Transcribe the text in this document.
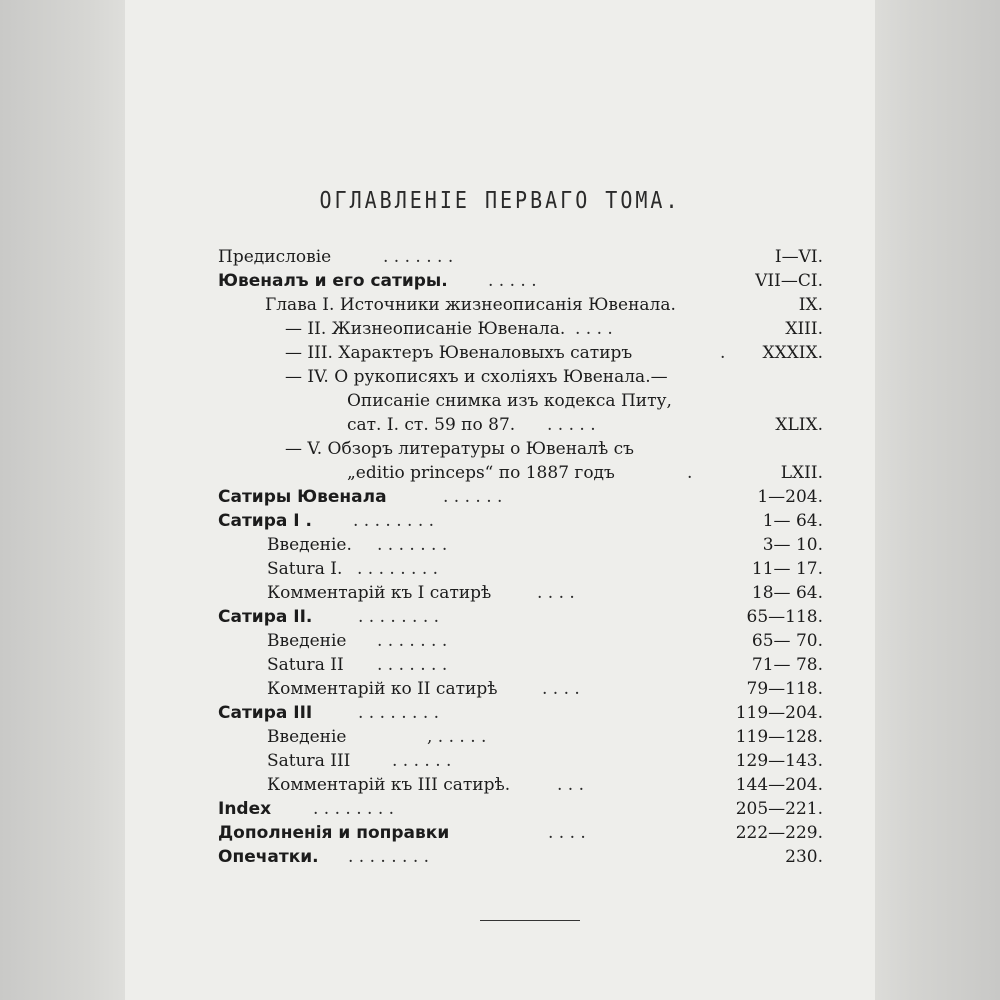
ОГЛАВЛЕНІЕ ПЕРВАГО ТОМА.
Предисловіе	. . . . . . .	I—VI.
Ювеналъ и его сатиры. . . . . .	VII—CI.
Глава I. Источники жизнеописанія Ювенала.	IX.
— II. Жизнеописаніе Ювенала. . . . .	XIII.
— III. Характеръ Ювеналовыхъ сатиръ	.	XXXIX.
— IV. О рукописяхъ и схоліяхъ Ювенала.—
Описаніе снимка изъ кодекса Питу,
сат. I. ст. 59 по 87. . . . . .	XLIX.
— V. Обзоръ литературы о Ювеналѣ съ
„editio princeps“ по 1887 годъ	.	LXII.
Сатиры Ювенала	. . . . . .	1—204.
Сатира I . . . . . . . . .	1— 64.
Введеніе. . . . . . . .	3— 10.
Satura I. . . . . . . . .	11— 17.
Комментарій къ I сатирѣ	. . . .	18— 64.
Сатира II.	. . . . . . . .	65—118.
Введеніе . . . . . . .	65— 70.
Satura II . . . . . . .	71— 78.
Комментарій ко II сатирѣ	. . . .	79—118.
Сатира III	. . . . . . . .	119—204.
Введеніе	, . . . . .	119—128.
Satura III . . . . . .	129—143.
Комментарій къ III сатирѣ.	. . .	144—204.
Index . . . . . . . .	205—221.
Дополненія и поправки	. . . .	222—229.
Опечатки. . . . . . . . .	230.
